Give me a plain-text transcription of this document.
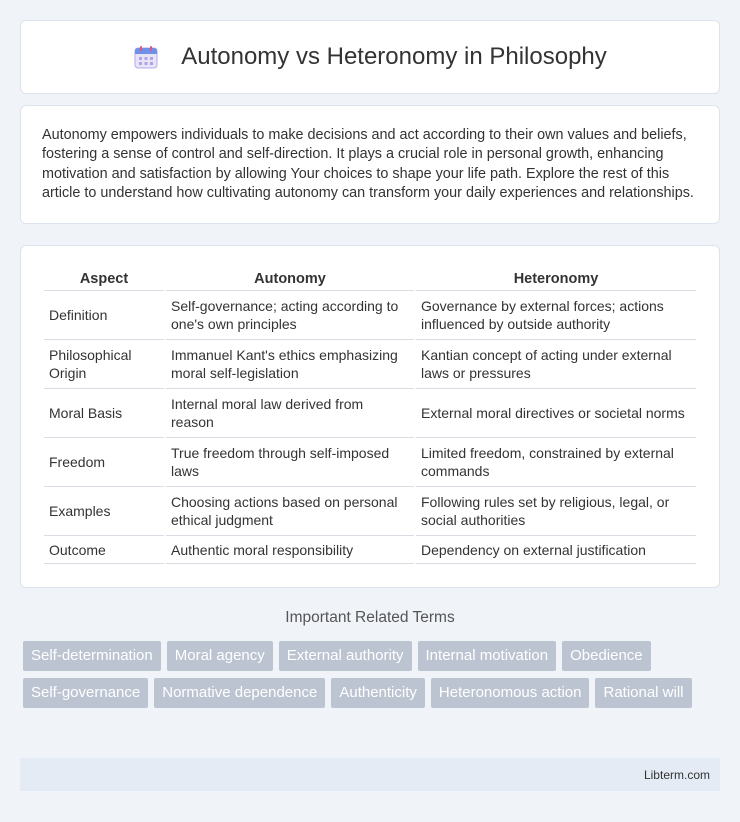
Autonomy vs Heteronomy in Philosophy

Autonomy empowers individuals to make decisions and act according to their own values and beliefs, fostering a sense of control and self-direction. It plays a crucial role in personal growth, enhancing motivation and satisfaction by allowing Your choices to shape your life path. Explore the rest of this article to understand how cultivating autonomy can transform your daily experiences and relationships.

Aspect	Autonomy	Heteronomy
Definition	Self-governance; acting according to one's own principles	Governance by external forces; actions influenced by outside authority
Philosophical Origin	Immanuel Kant's ethics emphasizing moral self-legislation	Kantian concept of acting under external laws or pressures
Moral Basis	Internal moral law derived from reason	External moral directives or societal norms
Freedom	True freedom through self-imposed laws	Limited freedom, constrained by external commands
Examples	Choosing actions based on personal ethical judgment	Following rules set by religious, legal, or social authorities
Outcome	Authentic moral responsibility	Dependency on external justification
Important Related Terms
Self-determination	Moral agency	External authority	Internal motivation	Obedience
Self-governance	Normative dependence	Authenticity	Heteronomous action	Rational will
Libterm.com
